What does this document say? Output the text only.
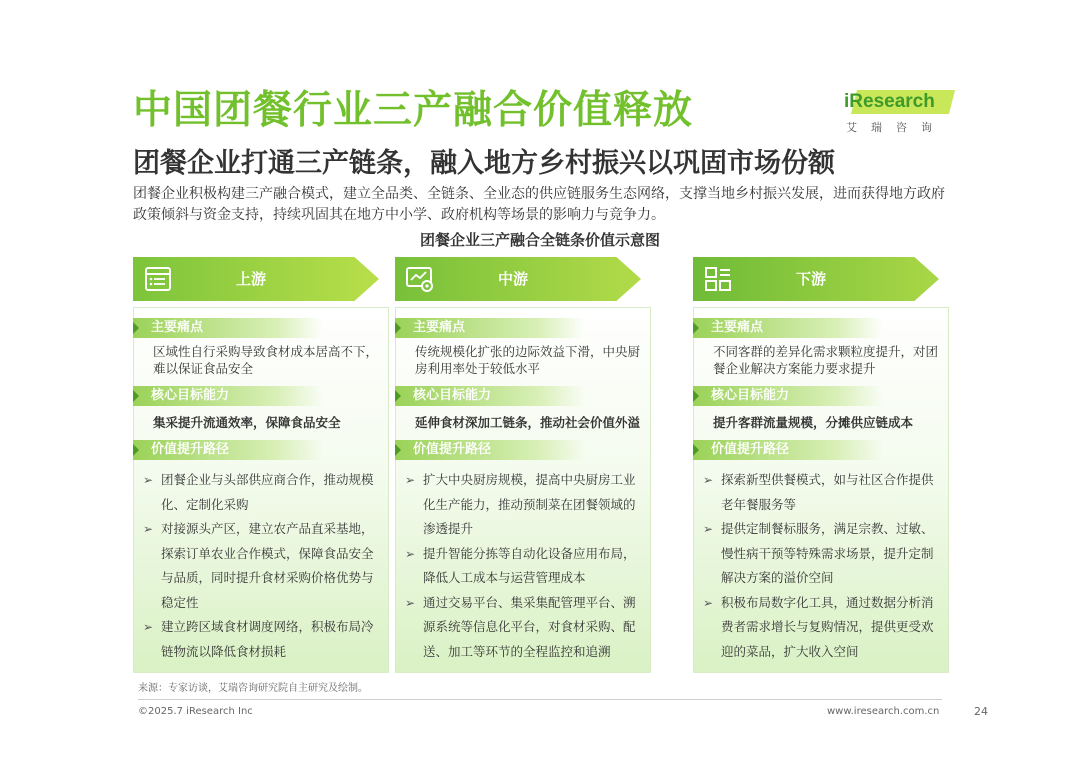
中国团餐行业三产融合价值释放	iResearch
艾瑞咨询
团餐企业打通三产链条，融入地方乡村振兴以巩固市场份额
团餐企业积极构建三产融合模式，建立全品类、全链条、全业态的供应链服务生态网络，支撑当地乡村振兴发展，进而获得地方政府政策倾斜与资金支持，持续巩固其在地方中小学、政府机构等场景的影响力与竞争力。
团餐企业三产融合全链条价值示意图
上游
主要痛点
区域性自行采购导致食材成本居高不下，难以保证食品安全
核心目标能力
集采提升流通效率，保障食品安全
价值提升路径
➢ 团餐企业与头部供应商合作，推动规模化、定制化采购
➢ 对接源头产区，建立农产品直采基地，探索订单农业合作模式，保障食品安全与品质，同时提升食材采购价格优势与稳定性
➢ 建立跨区域食材调度网络，积极布局冷链物流以降低食材损耗
中游
主要痛点
传统规模化扩张的边际效益下滑，中央厨房利用率处于较低水平
核心目标能力
延伸食材深加工链条，推动社会价值外溢
价值提升路径
➢ 扩大中央厨房规模，提高中央厨房工业化生产能力，推动预制菜在团餐领域的渗透提升
➢ 提升智能分拣等自动化设备应用布局，降低人工成本与运营管理成本
➢ 通过交易平台、集采集配管理平台、溯源系统等信息化平台，对食材采购、配送、加工等环节的全程监控和追溯
下游
主要痛点
不同客群的差异化需求颗粒度提升，对团餐企业解决方案能力要求提升
核心目标能力
提升客群流量规模，分摊供应链成本
价值提升路径
➢ 探索新型供餐模式，如与社区合作提供老年餐服务等
➢ 提供定制餐标服务，满足宗教、过敏、慢性病干预等特殊需求场景，提升定制解决方案的溢价空间
➢ 积极布局数字化工具，通过数据分析消费者需求增长与复购情况，提供更受欢迎的菜品，扩大收入空间
来源：专家访谈，艾瑞咨询研究院自主研究及绘制。
©2025.7 iResearch Inc	www.iresearch.com.cn	24
